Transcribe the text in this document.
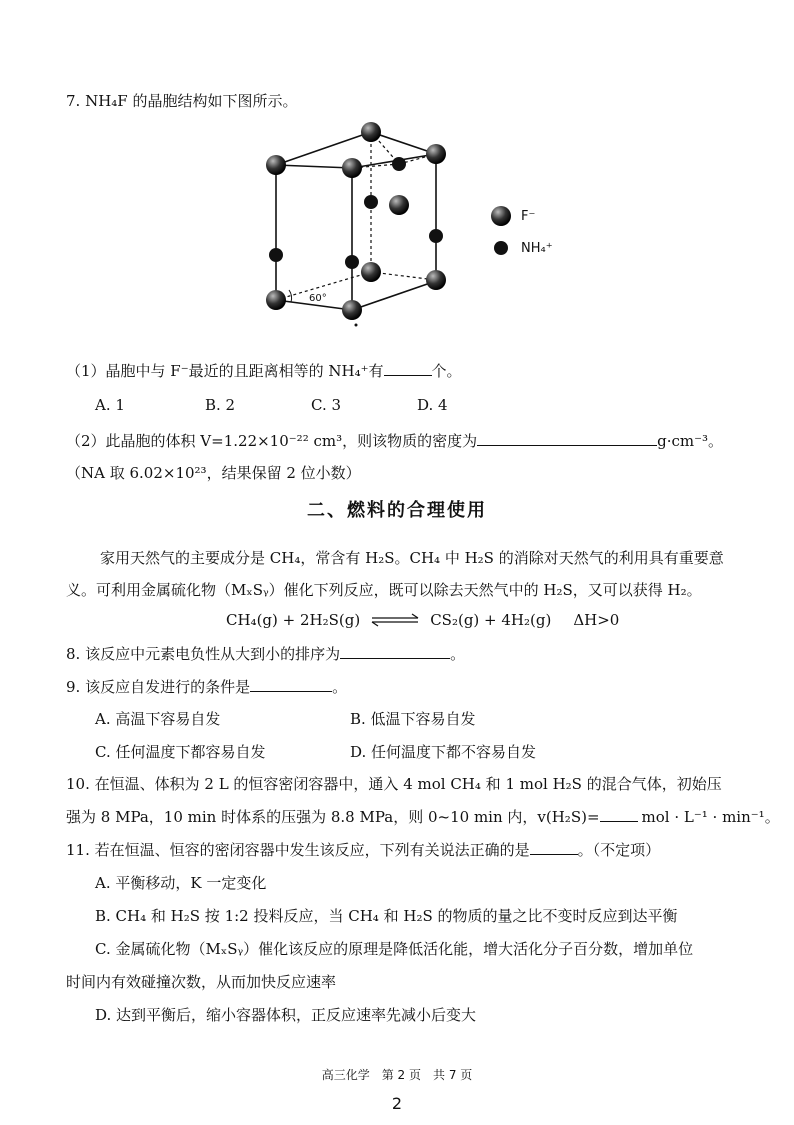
7. NH₄F 的晶胞结构如下图所示。
60°
F⁻
NH₄⁺
（1）晶胞中与 F⁻最近的且距离相等的 NH₄⁺有	个。
A. 1	B. 2	C. 3	D. 4
（2）此晶胞的体积 V=1.22×10⁻²² cm³，则该物质的密度为	g·cm⁻³。
（NA 取 6.02×10²³，结果保留 2 位小数）
二、燃料的合理使用
家用天然气的主要成分是 CH₄，常含有 H₂S。CH₄ 中 H₂S 的消除对天然气的利用具有重要意
义。可利用金属硫化物（MₓSᵧ）催化下列反应，既可以除去天然气中的 H₂S，又可以获得 H₂。
CH₄(g) + 2H₂S(g) ⇌ CS₂(g) + 4H₂(g) ΔH>0
8. 该反应中元素电负性从大到小的排序为	。
9. 该反应自发进行的条件是	。
A. 高温下容易自发	B. 低温下容易自发
C. 任何温度下都容易自发	D. 任何温度下都不容易自发
10. 在恒温、体积为 2 L 的恒容密闭容器中，通入 4 mol CH₄ 和 1 mol H₂S 的混合气体，初始压
强为 8 MPa，10 min 时体系的压强为 8.8 MPa，则 0~10 min 内，v(H₂S)=	mol · L⁻¹ · min⁻¹。
11. 若在恒温、恒容的密闭容器中发生该反应，下列有关说法正确的是	。（不定项）
A. 平衡移动，K 一定变化
B. CH₄ 和 H₂S 按 1:2 投料反应，当 CH₄ 和 H₂S 的物质的量之比不变时反应到达平衡
C. 金属硫化物（MₓSᵧ）催化该反应的原理是降低活化能，增大活化分子百分数，增加单位
时间内有效碰撞次数，从而加快反应速率
D. 达到平衡后，缩小容器体积，正反应速率先减小后变大
高三化学　第 2 页　共 7 页
2
